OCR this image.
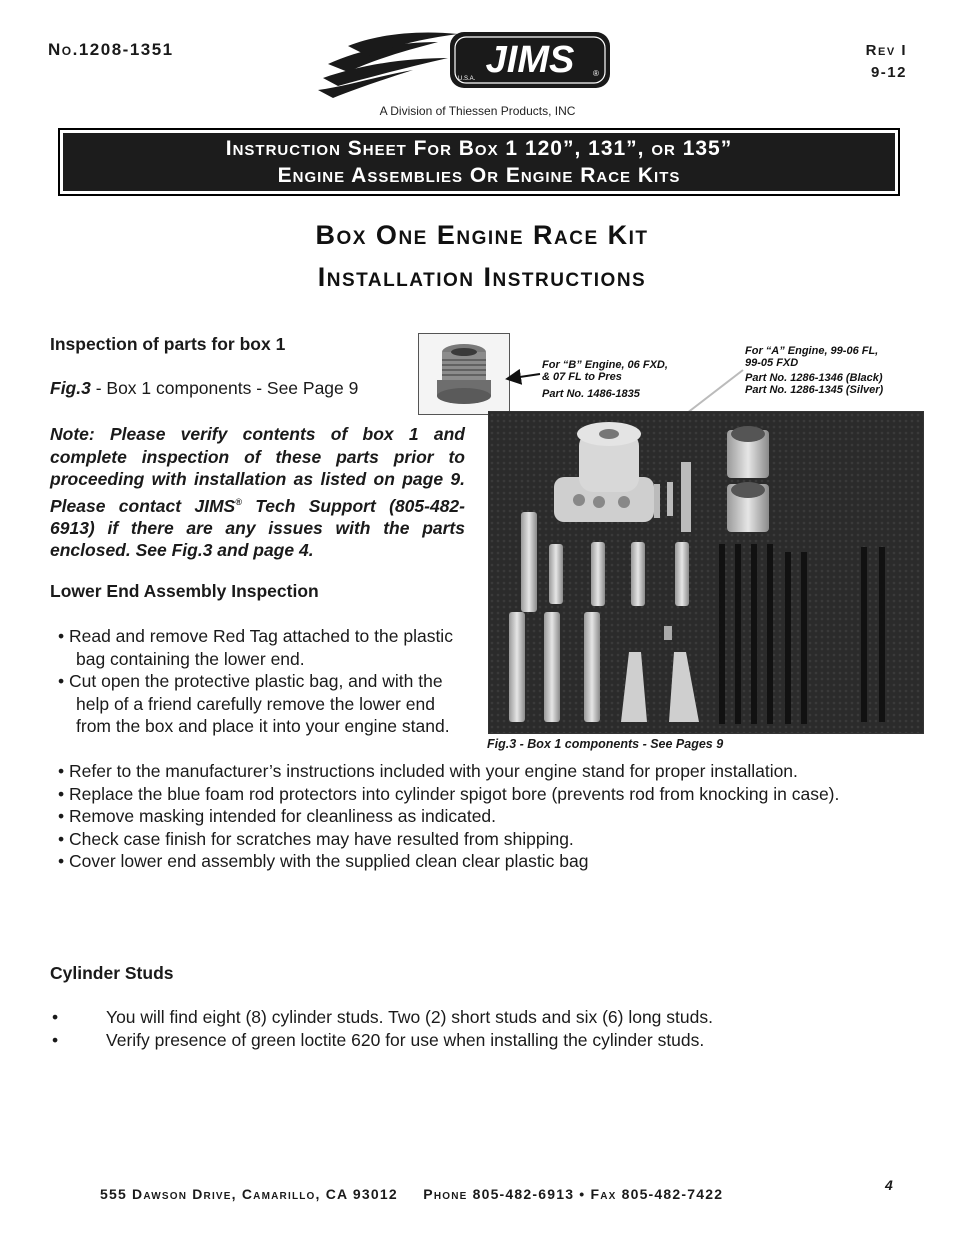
No.1208-1351	Rev I
9-12
JIMS
U.S.A.
®
A Division of Thiessen Products, INC
Instruction Sheet For Box 1 120”, 131”, or 135”
Engine Assemblies Or Engine Race Kits
Box One Engine Race Kit
Installation Instructions
Inspection of parts for box 1
Fig.3 - Box 1 components - See Page 9
Note: Please verify contents of box 1 and complete inspection of these parts prior to proceeding with installation as listed on page 9. Please contact JIMS® Tech Support (805-482-6913) if there are any issues with the parts enclosed. See Fig.3 and page 4.
Lower End Assembly Inspection
• Read and remove Red Tag attached to the plastic bag containing the lower end.
• Cut open the protective plastic bag, and with the help of a friend carefully remove the lower end from the box and place it into your engine stand.
• Refer to the manufacturer’s instructions included with your engine stand for proper installation.
• Replace the blue foam rod protectors into cylinder spigot bore (prevents rod from knocking in case).
• Remove masking intended for cleanliness as indicated.
• Check case finish for scratches may have resulted from shipping.
• Cover lower end assembly with the supplied clean clear plastic bag
For “B” Engine, 06 FXD,
& 07 FL to Pres
Part No. 1486-1835
For “A” Engine, 99-06 FL,
99-05 FXD
Part No. 1286-1346 (Black)
Part No. 1286-1345 (Silver)
Fig.3 - Box 1 components - See Pages 9
Cylinder Studs
•	You will find eight (8) cylinder studs. Two (2) short studs and six (6) long studs.
•	Verify presence of green loctite 620 for use when installing the cylinder studs.
555 Dawson Drive, Camarillo, CA 93012     Phone 805-482-6913 • Fax 805-482-7422
4
